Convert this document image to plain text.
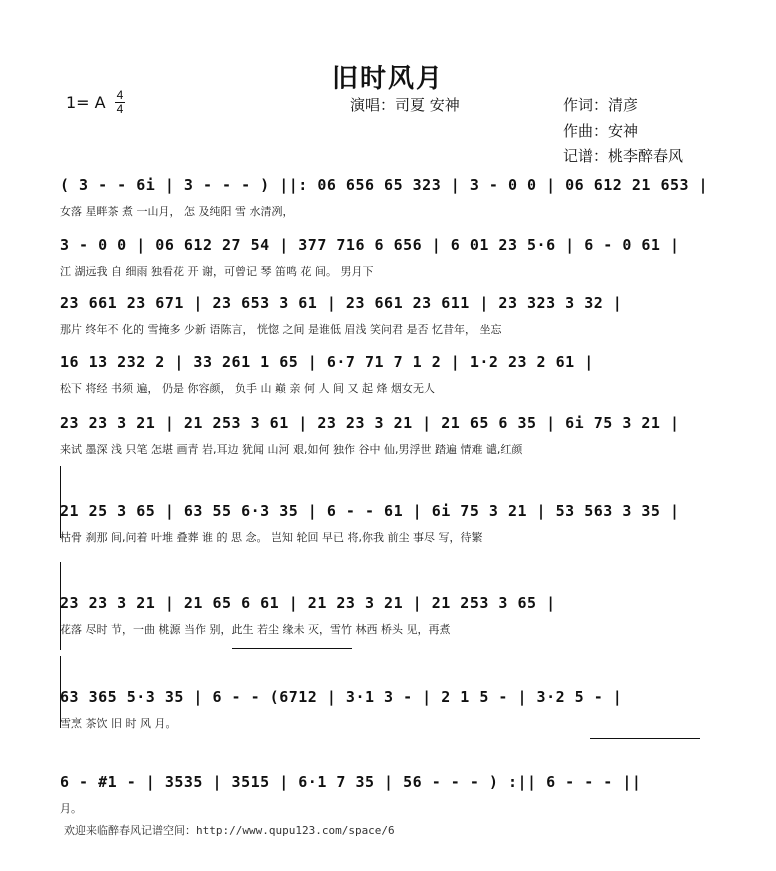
旧时风月
1= A 4
4	演唱：司夏 安神	作词：清彦
作曲：安神
记谱：桃李醉春风
( 3 - - 6i | 3 - - - ) ||: 06 656 65 323 | 3 - 0 0 | 06 612 21 653 |
女落 星畔茶 煮 一山月， 怎 及纯阳 雪 水清冽，
3 - 0 0 | 06 612 27 54 | 377 716 6 656 | 6 01 23 5·6 | 6 - 0 61 |
江 湖远我 自 细雨 独看花 开 谢，可曾记 琴 笛鸣 花 间。 男月下
23 661 23 671 | 23 653 3 61 | 23 661 23 611 | 23 323 3 32 |
那片 终年不 化的 雪掩多 少新 语陈言， 恍惚 之间 是谁低 眉浅 笑问君 是否 忆昔年， 坐忘
16 13 232 2 | 33 261 1 65 | 6·7 71 7 1 2 | 1·2 23 2 61 |
松下 将经 书须 遍， 仍是 你容颜， 负手 山 巅 亲 何 人 间 又 起 烽 烟女无人
23 23 3 21 | 21 253 3 61 | 23 23 3 21 | 21 65 6 35 | 6i 75 3 21 |
来试 墨深 浅 只笔 怎堪 画青 岩,耳边 犹闻 山河 艰,如何 独作 谷中 仙,男浮世 踏遍 情难 谴,红颜
21 25 3 65 | 63 55 6·3 35 | 6 - - 61 | 6i 75 3 21 | 53 563 3 35 |
枯骨 刹那 间,问着 叶堆 叠葬 谁 的 思 念。 岂知 轮回 早已 将,你我 前尘 事尽 写，待繁
23 23 3 21 | 21 65 6 61 | 21 23 3 21 | 21 253 3 65 |
花落 尽时 节，一曲 桃源 当作 别，此生 若尘 缘未 灭，雪竹 林西 桥头 见，再煮
63 365 5·3 35 | 6 - - (6712 | 3·1 3 - | 2 1 5 - | 3·2 5 - |
雪烹 茶饮 旧 时 风 月。
6 - #1 - | 3535 | 3515 | 6·1 7 35 | 56 - - - ) :|| 6 - - - ||
月。
欢迎来临醉春风记谱空间：http://www.qupu123.com/space/6
